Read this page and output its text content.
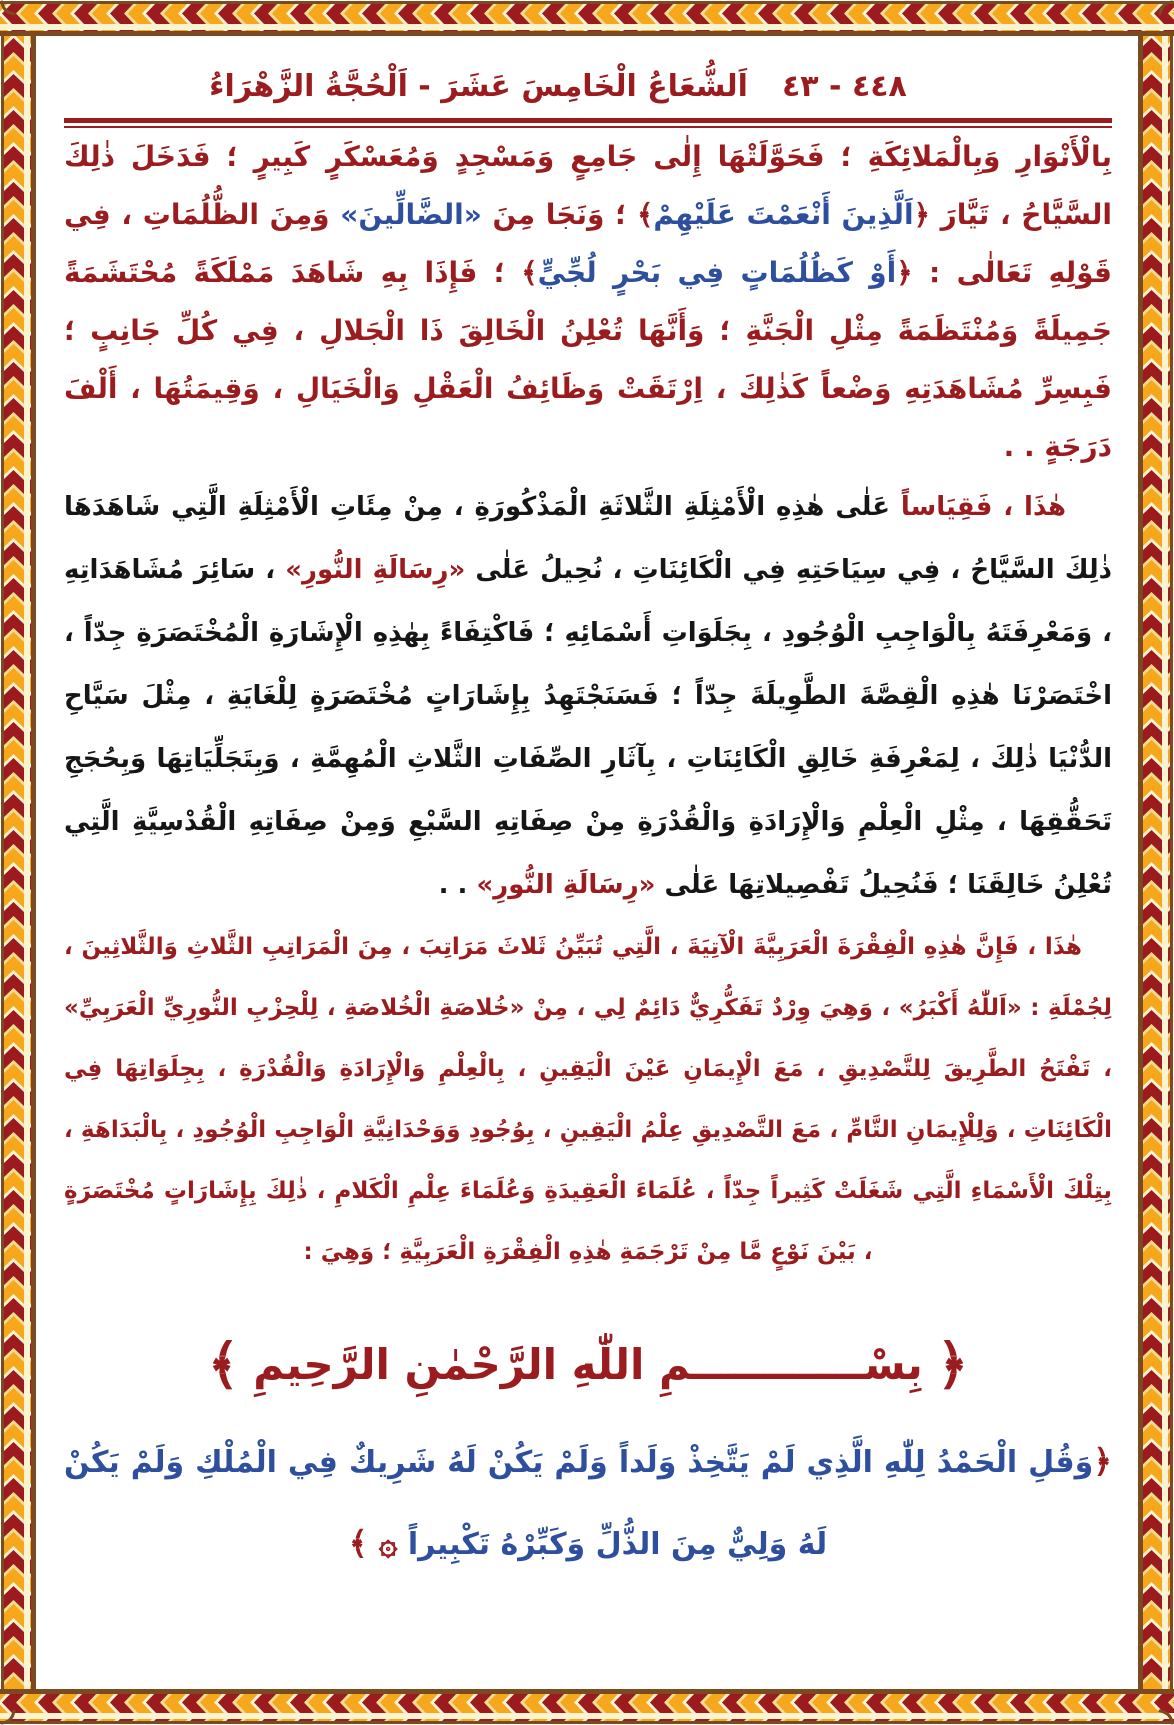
٤٤٨ - ٤٣
اَلشُّعَاعُ الْخَامِسَ عَشَرَ - اَلْحُجَّةُ الزَّهْرَاءُ

بِالْأَنْوَارِ وَبِالْمَلائِكَةِ ؛ فَحَوَّلَتْهَا إِلٰى جَامِعٍ وَمَسْجِدٍ وَمُعَسْكَرٍ كَبِيرٍ ؛ فَدَخَلَ ذٰلِكَ السَّيَّاحُ ، تَيَّارَ ﴿اَلَّذِينَ أَنْعَمْتَ عَلَيْهِمْ﴾ ؛ وَنَجَا مِنَ «الضَّالِّينَ» وَمِنَ الظُّلُمَاتِ ، فِي قَوْلِهِ تَعَالٰى : ﴿أَوْ كَظُلُمَاتٍ فِي بَحْرٍ لُجِّيٍّ﴾ ؛ فَإِذَا بِهِ شَاهَدَ مَمْلَكَةً مُحْتَشَمَةً جَمِيلَةً وَمُنْتَظَمَةً مِثْلِ الْجَنَّةِ ؛ وَأَنَّهَا تُعْلِنُ الْخَالِقَ ذَا الْجَلالِ ، فِي كُلِّ جَانِبٍ ؛ فَبِسِرِّ مُشَاهَدَتِهِ وَضْعاً كَذٰلِكَ ، اِرْتَقَتْ وَظَائِفُ الْعَقْلِ وَالْخَيَالِ ، وَقِيمَتُهَا ، أَلْفَ دَرَجَةٍ . .

هٰذَا ، فَقِيَاساً عَلٰى هٰذِهِ الْأَمْثِلَةِ الثَّلاثَةِ الْمَذْكُورَةِ ، مِنْ مِئَاتِ الْأَمْثِلَةِ الَّتِي شَاهَدَهَا ذٰلِكَ السَّيَّاحُ ، فِي سِيَاحَتِهِ فِي الْكَائِنَاتِ ، نُحِيلُ عَلٰى «رِسَالَةِ النُّورِ» ، سَائِرَ مُشَاهَدَاتِهِ ، وَمَعْرِفَتَهُ بِالْوَاجِبِ الْوُجُودِ ، بِجَلَوَاتِ أَسْمَائِهِ ؛ فَاكْتِفَاءً بِهٰذِهِ الْإِشَارَةِ الْمُخْتَصَرَةِ جِدّاً ، اخْتَصَرْنَا هٰذِهِ الْقِصَّةَ الطَّوِيلَةَ جِدّاً ؛ فَسَنَجْتَهِدُ بِإِشَارَاتٍ مُخْتَصَرَةٍ لِلْغَايَةِ ، مِثْلَ سَيَّاحِ الدُّنْيَا ذٰلِكَ ، لِمَعْرِفَةِ خَالِقِ الْكَائِنَاتِ ، بِآثَارِ الصِّفَاتِ الثَّلاثِ الْمُهِمَّةِ ، وَبِتَجَلِّيَاتِهَا وَبِحُجَجِ تَحَقُّقِهَا ، مِثْلِ الْعِلْمِ وَالْإِرَادَةِ وَالْقُدْرَةِ مِنْ صِفَاتِهِ السَّبْعِ وَمِنْ صِفَاتِهِ الْقُدْسِيَّةِ الَّتِي تُعْلِنُ خَالِقَنَا ؛ فَنُحِيلُ تَفْصِيلاتِهَا عَلٰى «رِسَالَةِ النُّورِ» . .

هٰذَا ، فَإِنَّ هٰذِهِ الْفِقْرَةَ الْعَرَبِيَّةَ الْآتِيَةَ ، الَّتِي تُبَيِّنُ ثَلاثَ مَرَاتِبَ ، مِنَ الْمَرَاتِبِ الثَّلاثِ وَالثَّلاثِينَ ، لِجُمْلَةِ : «اَللّٰهُ أَكْبَرُ» ، وَهِيَ وِرْدٌ تَفَكُّرِيٌّ دَائِمٌ لِي ، مِنْ «خُلاصَةِ الْخُلاصَةِ ، لِلْحِزْبِ النُّورِيِّ الْعَرَبِيِّ» ، تَفْتَحُ الطَّرِيقَ لِلتَّصْدِيقِ ، مَعَ الْإِيمَانِ عَيْنَ الْيَقِينِ ، بِالْعِلْمِ وَالْإِرَادَةِ وَالْقُدْرَةِ ، بِجِلَوَاتِهَا فِي الْكَائِنَاتِ ، وَلِلْإِيمَانِ التَّامِّ ، مَعَ التَّصْدِيقِ عِلْمُ الْيَقِينِ ، بِوُجُودِ وَوَحْدَانِيَّةِ الْوَاجِبِ الْوُجُودِ ، بِالْبَدَاهَةِ ، بِتِلْكَ الْأَسْمَاءِ الَّتِي شَغَلَتْ كَثِيراً جِدّاً ، عُلَمَاءَ الْعَقِيدَةِ وَعُلَمَاءَ عِلْمِ الْكَلامِ ، ذٰلِكَ بِإِشَارَاتٍ مُخْتَصَرَةٍ ، بَيْنَ نَوْعٍ مَّا مِنْ تَرْجَمَةِ هٰذِهِ الْفِقْرَةِ الْعَرَبِيَّةِ ؛ وَهِيَ :

﴿
بِسْــــــــــــمِ اللّٰهِ الرَّحْمٰنِ الرَّحِيمِ
﴾

﴿وَقُلِ الْحَمْدُ لِلّٰهِ الَّذِي لَمْ يَتَّخِذْ وَلَداً وَلَمْ يَكُنْ لَهُ شَرِيكٌ فِي الْمُلْكِ وَلَمْ يَكُنْ لَهُ وَلِيٌّ مِنَ الذُّلِّ وَكَبِّرْهُ تَكْبِيراً ۞ ﴾
